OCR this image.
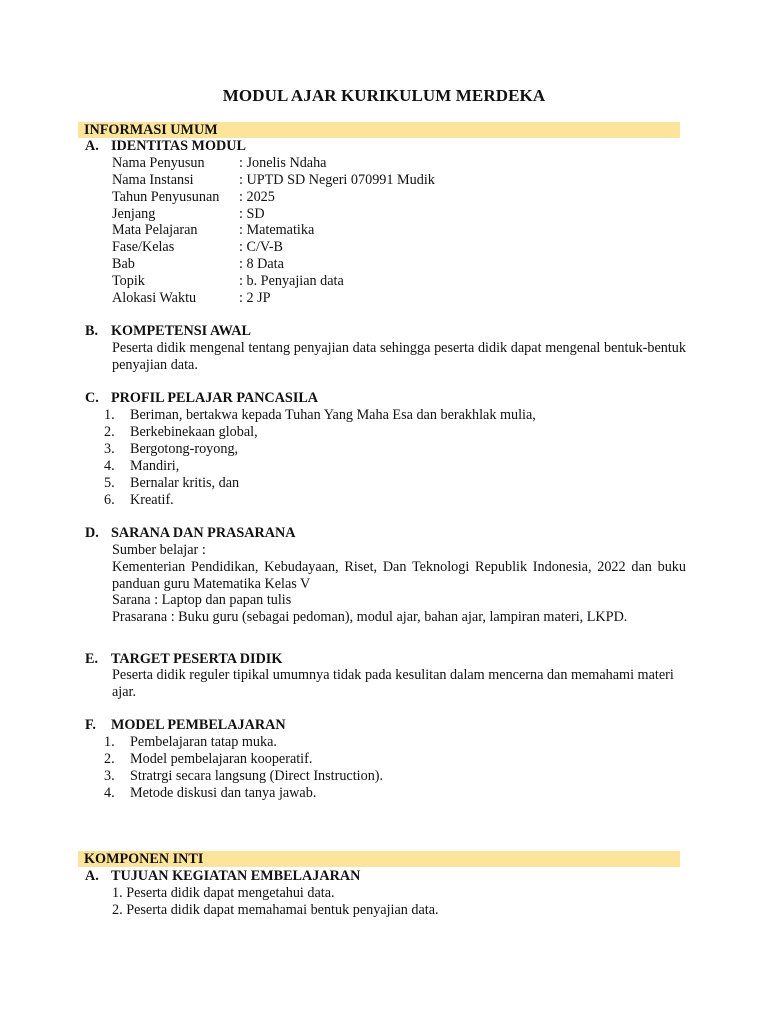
MODUL AJAR KURIKULUM MERDEKA
INFORMASI UMUM
A. IDENTITAS MODUL
Nama Penyusun : Jonelis Ndaha
Nama Instansi	: UPTD SD Negeri 070991 Mudik
Tahun Penyusunan : 2025
Jenjang	: SD
Mata Pelajaran	: Matematika
Fase/Kelas	: C/V-B
Bab	: 8 Data
Topik	: b. Penyajian data
Alokasi Waktu	: 2 JP
B. KOMPETENSI AWAL
Peserta didik mengenal tentang penyajian data sehingga peserta didik dapat mengenal bentuk-bentuk penyajian data.
C. PROFIL PELAJAR PANCASILA
1. Beriman, bertakwa kepada Tuhan Yang Maha Esa dan berakhlak mulia,
2. Berkebinekaan global,
3. Bergotong-royong,
4. Mandiri,
5. Bernalar kritis, dan
6. Kreatif.
D. SARANA DAN PRASARANA
Sumber belajar :
Kementerian Pendidikan, Kebudayaan, Riset, Dan Teknologi Republik Indonesia, 2022 dan buku panduan guru Matematika Kelas V
Sarana : Laptop dan papan tulis
Prasarana : Buku guru (sebagai pedoman), modul ajar, bahan ajar, lampiran materi, LKPD.
E. TARGET PESERTA DIDIK
Peserta didik reguler tipikal umumnya tidak pada kesulitan dalam mencerna dan memahami materi ajar.
F. MODEL PEMBELAJARAN
1. Pembelajaran tatap muka.
2. Model pembelajaran kooperatif.
3. Stratrgi secara langsung (Direct Instruction).
4. Metode diskusi dan tanya jawab.
KOMPONEN INTI
A. TUJUAN KEGIATAN EMBELAJARAN
1. Peserta didik dapat mengetahui data.
2. Peserta didik dapat memahamai bentuk penyajian data.
